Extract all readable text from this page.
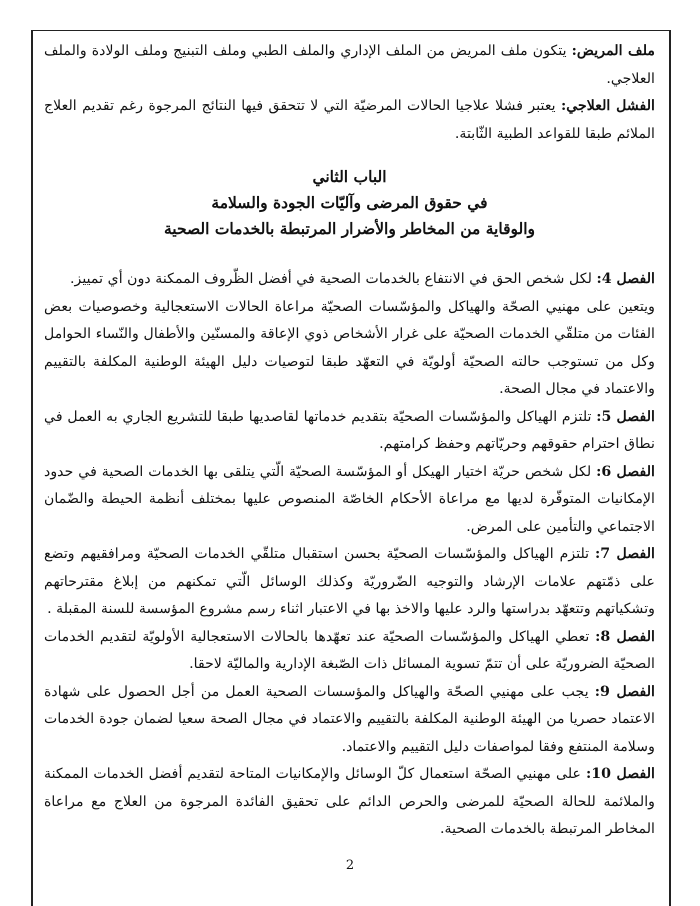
ملف المريض: يتكون ملف المريض من الملف الإداري والملف الطبي وملف التبنيج وملف الولادة والملف العلاجي.

الفشل العلاجي: يعتبر فشلا علاجيا الحالات المرضيّة التي لا تتحقق فيها النتائج المرجوة رغم تقديم العلاج الملائم طبقا للقواعد الطبية الثّابتة.

الباب الثاني
في حقوق المرضى وآليّات الجودة والسلامة
والوقاية من المخاطر والأضرار المرتبطة بالخدمات الصحية

الفصل 4: لكل شخص الحق في الانتفاع بالخدمات الصحية في أفضل الظّروف الممكنة دون أي تمييز.

ويتعين على مهنيي الصحّة والهياكل والمؤسّسات الصحيّة مراعاة الحالات الاستعجالية وخصوصيات بعض الفئات من متلقّي الخدمات الصحيّة على غرار الأشخاص ذوي الإعاقة والمسنّين والأطفال والنّساء الحوامل وكل من تستوجب حالته الصحيّة أولويّة في التعهّد طبقا لتوصيات دليل الهيئة الوطنية المكلفة بالتقييم والاعتماد في مجال الصحة.

الفصل 5: تلتزم الهياكل والمؤسّسات الصحيّة بتقديم خدماتها لقاصديها طبقا للتشريع الجاري به العمل في نطاق احترام حقوقهم وحريّاتهم وحفظ كرامتهم.

الفصل 6: لكل شخص حريّة اختيار الهيكل أو المؤسّسة الصحيّة الّتي يتلقى بها الخدمات الصحية في حدود الإمكانيات المتوفّرة لديها مع مراعاة الأحكام الخاصّة المنصوص عليها بمختلف أنظمة الحيطة والضّمان الاجتماعي والتأمين على المرض.

الفصل 7: تلتزم الهياكل والمؤسّسات الصحيّة بحسن استقبال متلقّي الخدمات الصحيّة ومرافقيهم وتضع على ذمّتهم علامات الإرشاد والتوجيه الضّروريّة وكذلك الوسائل الّتي تمكنهم من إبلاغ مقترحاتهم وتشكياتهم وتتعهّد بدراستها والرد عليها والاخذ بها في الاعتبار اثناء رسم مشروع المؤسسة للسنة المقبلة .

الفصل 8: تعطي الهياكل والمؤسّسات الصحيّة عند تعهّدها بالحالات الاستعجالية الأولويّة لتقديم الخدمات الصحيّة الضروريّة على أن تتمّ تسوية المسائل ذات الصّبغة الإدارية والماليّة لاحقا.

الفصل 9: يجب على مهنيي الصحّة والهياكل والمؤسسات الصحية العمل من أجل الحصول على شهادة الاعتماد حصريا من الهيئة الوطنية المكلفة بالتقييم والاعتماد في مجال الصحة سعيا لضمان جودة الخدمات وسلامة المنتفع وفقا لمواصفات دليل التقييم والاعتماد.

الفصل 10: على مهنيي الصحّة استعمال كلّ الوسائل والإمكانيات المتاحة لتقديم أفضل الخدمات الممكنة والملائمة للحالة الصحيّة للمرضى والحرص الدائم على تحقيق الفائدة المرجوة من العلاج مع مراعاة المخاطر المرتبطة بالخدمات الصحية.

2
